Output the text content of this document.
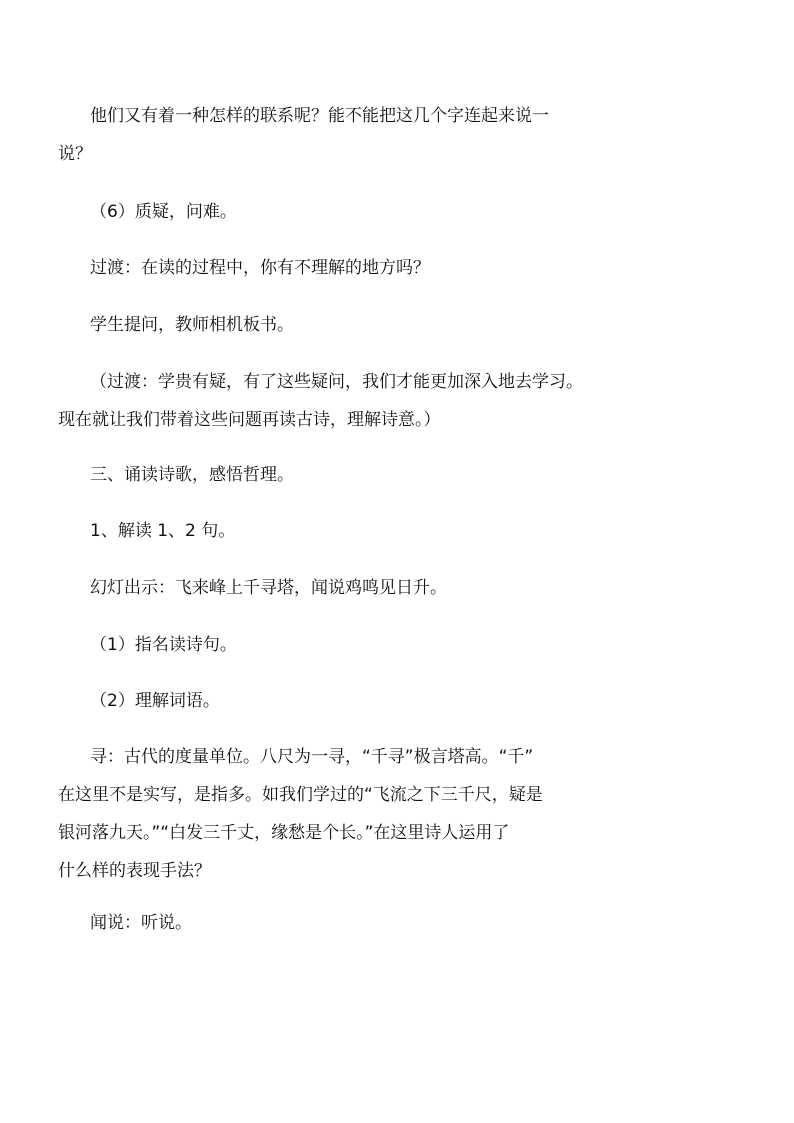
他们又有着一种怎样的联系呢？能不能把这几个字连起来说一
说？
（6）质疑，问难。
过渡：在读的过程中，你有不理解的地方吗？
学生提问，教师相机板书。
（过渡：学贵有疑，有了这些疑问，我们才能更加深入地去学习。
现在就让我们带着这些问题再读古诗，理解诗意。）
三、诵读诗歌，感悟哲理。
1、解读 1、2 句。
幻灯出示：飞来峰上千寻塔，闻说鸡鸣见日升。
（1）指名读诗句。
（2）理解词语。
寻：古代的度量单位。八尺为一寻，“千寻”极言塔高。“千”
在这里不是实写，是指多。如我们学过的“飞流之下三千尺，疑是
银河落九天。”“白发三千丈，缘愁是个长。”在这里诗人运用了
什么样的表现手法？
闻说：听说。
